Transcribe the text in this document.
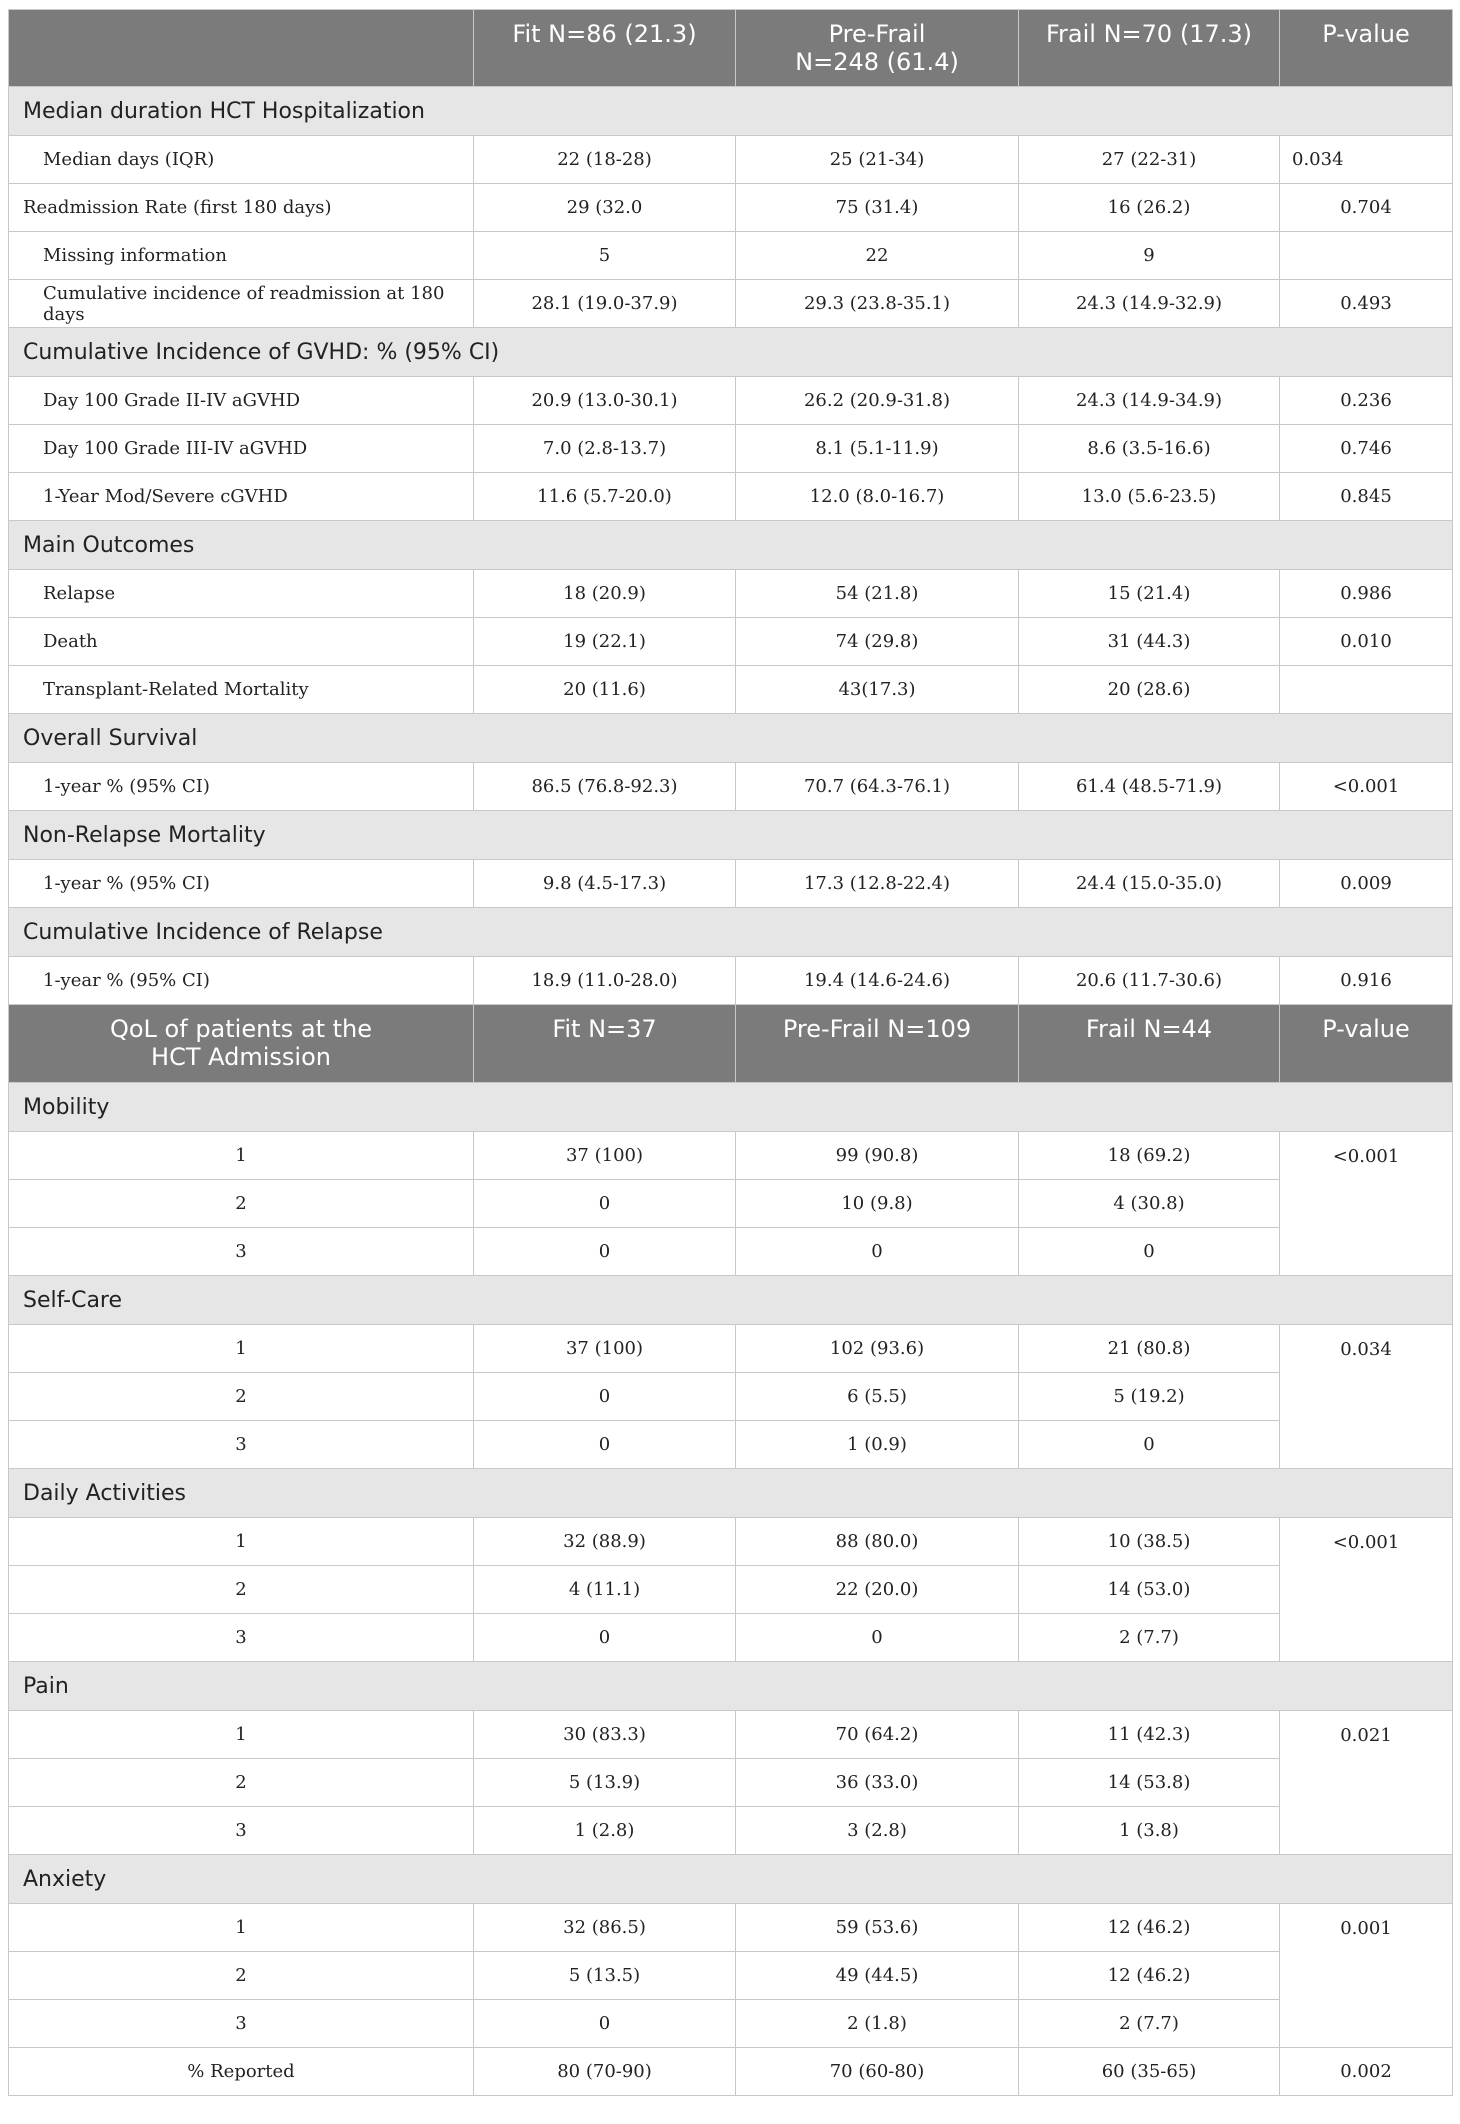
	Fit N=86 (21.3)	Pre-Frail
N=248 (61.4)	Frail N=70 (17.3)	P-value
Median duration HCT Hospitalization				
Median days (IQR)	22 (18-28)	25 (21-34)	27 (22-31)	0.034
Readmission Rate (first 180 days)	29 (32.0	75 (31.4)	16 (26.2)	0.704
Missing information	5	22	9	
Cumulative incidence of readmission at 180 days	28.1 (19.0-37.9)	29.3 (23.8-35.1)	24.3 (14.9-32.9)	0.493
Cumulative Incidence of GVHD: % (95% CI)				
Day 100 Grade II-IV aGVHD	20.9 (13.0-30.1)	26.2 (20.9-31.8)	24.3 (14.9-34.9)	0.236
Day 100 Grade III-IV aGVHD	7.0 (2.8-13.7)	8.1 (5.1-11.9)	8.6 (3.5-16.6)	0.746
1-Year Mod/Severe cGVHD	11.6 (5.7-20.0)	12.0 (8.0-16.7)	13.0 (5.6-23.5)	0.845
Main Outcomes				
Relapse	18 (20.9)	54 (21.8)	15 (21.4)	0.986
Death	19 (22.1)	74 (29.8)	31 (44.3)	0.010
Transplant-Related Mortality	20 (11.6)	43(17.3)	20 (28.6)	
Overall Survival				
1-year % (95% CI)	86.5 (76.8-92.3)	70.7 (64.3-76.1)	61.4 (48.5-71.9)	<0.001
Non-Relapse Mortality				
1-year % (95% CI)	9.8 (4.5-17.3)	17.3 (12.8-22.4)	24.4 (15.0-35.0)	0.009
Cumulative Incidence of Relapse				
1-year % (95% CI)	18.9 (11.0-28.0)	19.4 (14.6-24.6)	20.6 (11.7-30.6)	0.916
QoL of patients at the
HCT Admission	Fit N=37	Pre-Frail N=109	Frail N=44	P-value
Mobility				
1	37 (100)	99 (90.8)	18 (69.2)	<0.001
2	0	10 (9.8)	4 (30.8)	
3	0	0	0	
Self-Care				
1	37 (100)	102 (93.6)	21 (80.8)	0.034
2	0	6 (5.5)	5 (19.2)	
3	0	1 (0.9)	0	
Daily Activities				
1	32 (88.9)	88 (80.0)	10 (38.5)	<0.001
2	4 (11.1)	22 (20.0)	14 (53.0)	
3	0	0	2 (7.7)	
Pain				
1	30 (83.3)	70 (64.2)	11 (42.3)	0.021
2	5 (13.9)	36 (33.0)	14 (53.8)	
3	1 (2.8)	3 (2.8)	1 (3.8)	
Anxiety				
1	32 (86.5)	59 (53.6)	12 (46.2)	0.001
2	5 (13.5)	49 (44.5)	12 (46.2)	
3	0	2 (1.8)	2 (7.7)	
% Reported	80 (70-90)	70 (60-80)	60 (35-65)	0.002
